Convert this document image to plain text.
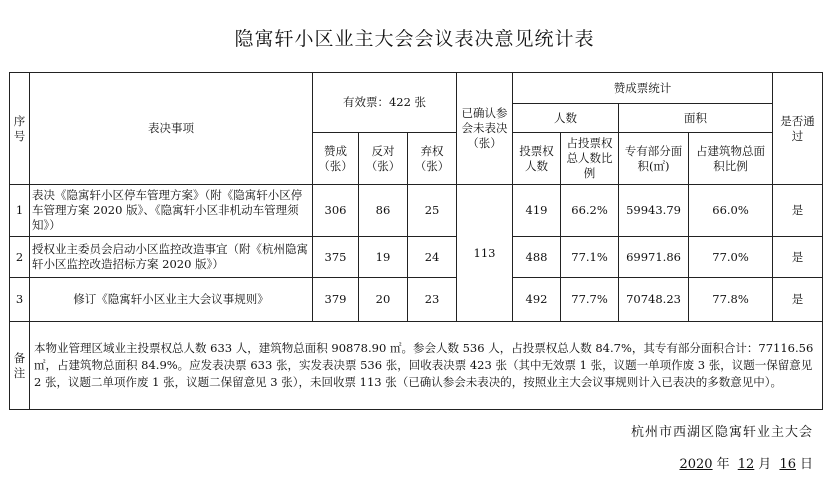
隐寓轩小区业主大会会议表决意见统计表
序号	表决事项	有效票：422 张			已确认参会未表决（张）	赞成票统计				是否通过
						人数		面积		
		赞成（张）	反对（张）	弃权（张）		投票权人数	占投票权总人数比例	专有部分面积(㎡)	占建筑物总面积比例	
1	表决《隐寓轩小区停车管理方案》（附《隐寓轩小区停车管理方案 2020 版》、《隐寓轩小区非机动车管理须知》）	306	86	25	113	419	66.2%	59943.79	66.0%	是
2	授权业主委员会启动小区监控改造事宜（附《杭州隐寓轩小区监控改造招标方案 2020 版》）	375	19	24		488	77.1%	69971.86	77.0%	是
3	修订《隐寓轩小区业主大会议事规则》	379	20	23		492	77.7%	70748.23	77.8%	是
备注	本物业管理区域业主投票权总人数 633 人，建筑物总面积 90878.90 ㎡。参会人数 536 人，占投票权总人数 84.7%，其专有部分面积合计：77116.56 ㎡，占建筑物总面积 84.9%。应发表决票 633 张，实发表决票 536 张，回收表决票 423 张（其中无效票 1 张，议题一单项作废 3 张，议题一保留意见 2 张，议题二单项作废 1 张，议题二保留意见 3 张），未回收票 113 张（已确认参会未表决的，按照业主大会议事规则计入已表决的多数意见中）。									
杭州市西湖区隐寓轩业主大会
2020 年 12 月 16 日
